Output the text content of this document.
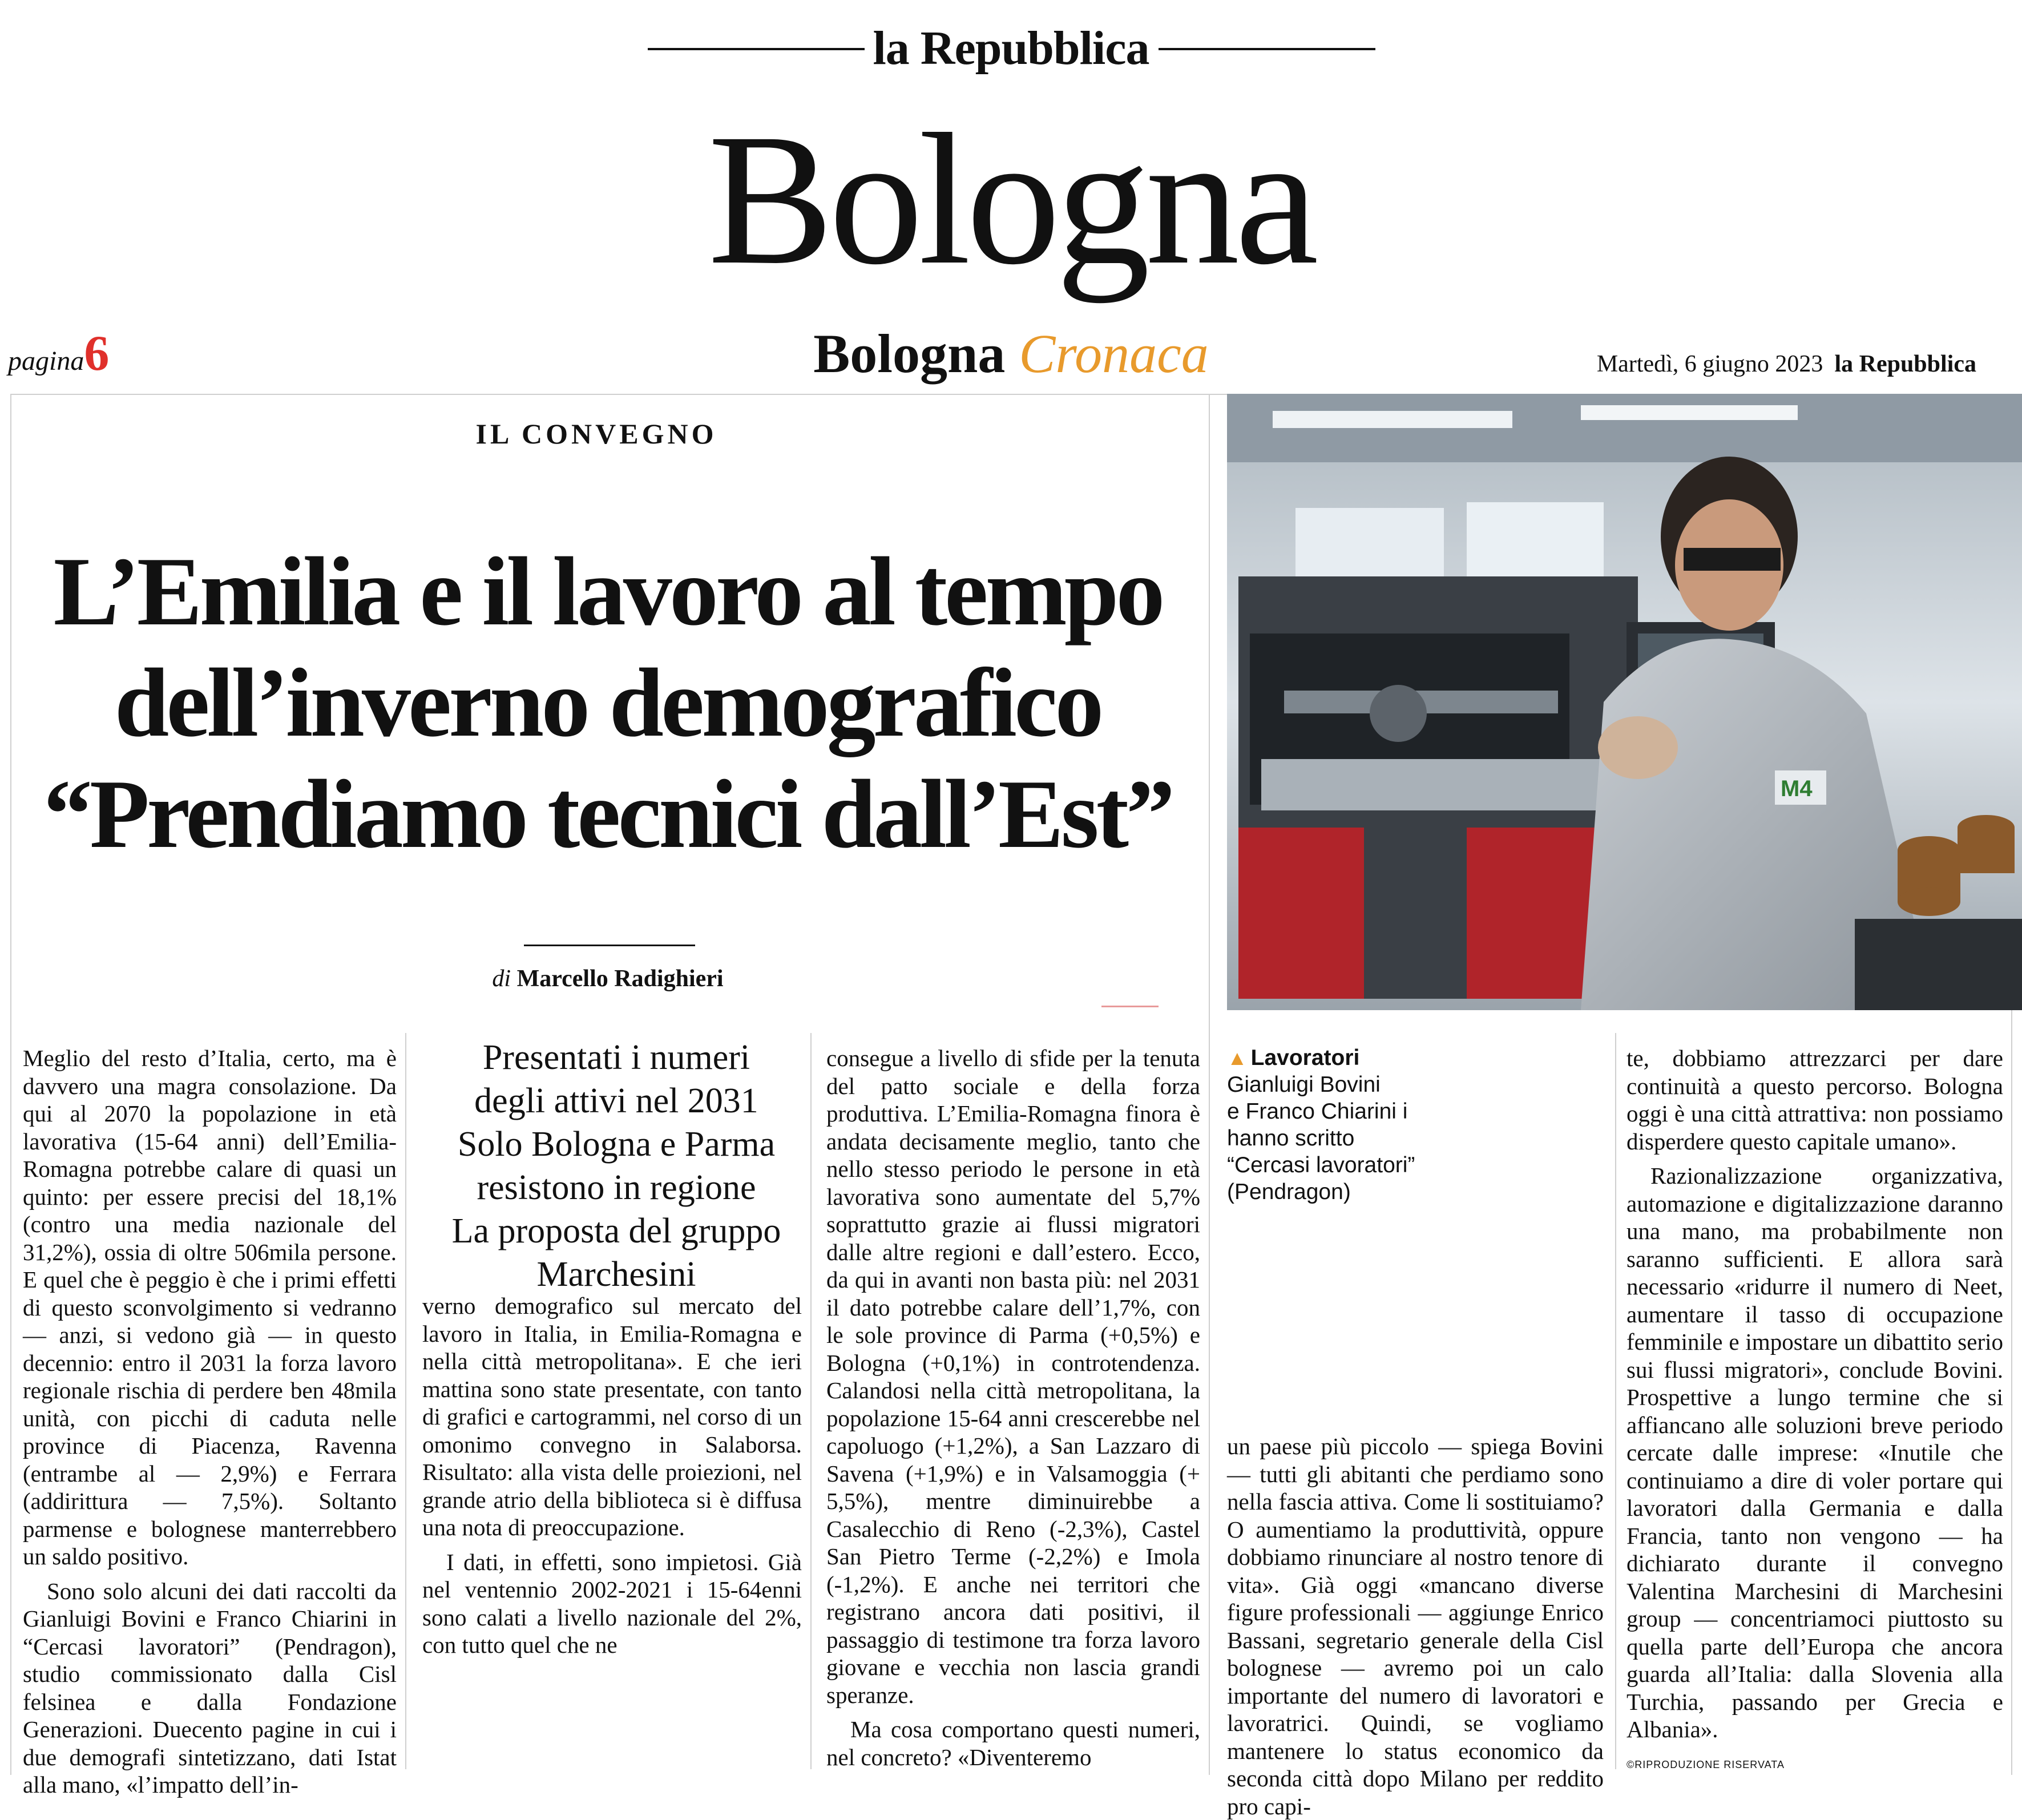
la Repubblica
Bologna
pagina6	Bologna Cronaca	Martedì, 6 giugno 2023 la Repubblica
IL CONVEGNO
L’Emilia e il lavoro al tempo
dell’inverno demografico
“Prendiamo tecnici dall’Est”
di Marcello Radighieri
M4
▲ Lavoratori
Gianluigi Bovini
e Franco Chiarini i
hanno scritto
“Cercasi lavoratori”
(Pendragon)
Presentati i numeri
degli attivi nel 2031
Solo Bologna e Parma
resistono in regione
La proposta del gruppo
Marchesini

Meglio del resto d’Italia, certo, ma è davvero una magra consolazione. Da qui al 2070 la popolazione in età lavorativa (15-64 anni) dell’Emilia-Romagna potrebbe calare di quasi un quinto: per essere precisi del 18,1% (contro una media nazionale del 31,2%), ossia di oltre 506mila persone. E quel che è peggio è che i primi effetti di questo sconvolgimento si vedranno — anzi, si vedono già — in questo decennio: entro il 2031 la forza lavoro regionale rischia di perdere ben 48mila unità, con picchi di caduta nelle province di Piacenza, Ravenna (entrambe al — 2,9%) e Ferrara (addirittura — 7,5%). Soltanto parmense e bolognese manterrebbero un saldo positivo.

Sono solo alcuni dei dati raccolti da Gianluigi Bovini e Franco Chiarini in “Cercasi lavoratori” (Pendragon), studio commissionato dalla Cisl felsinea e dalla Fondazione Generazioni. Duecento pagine in cui i due demografi sintetizzano, dati Istat alla mano, «l’impatto dell’in-

verno demografico sul mercato del lavoro in Italia, in Emilia-Romagna e nella città metropolitana». E che ieri mattina sono state presentate, con tanto di grafici e cartogrammi, nel corso di un omonimo convegno in Salaborsa. Risultato: alla vista delle proiezioni, nel grande atrio della biblioteca si è diffusa una nota di preoccupazione.

I dati, in effetti, sono impietosi. Già nel ventennio 2002-2021 i 15-64enni sono calati a livello nazionale del 2%, con tutto quel che ne

consegue a livello di sfide per la tenuta del patto sociale e della forza produttiva. L’Emilia-Romagna finora è andata decisamente meglio, tanto che nello stesso periodo le persone in età lavorativa sono aumentate del 5,7% soprattutto grazie ai flussi migratori dalle altre regioni e dall’estero. Ecco, da qui in avanti non basta più: nel 2031 il dato potrebbe calare dell’1,7%, con le sole province di Parma (+0,5%) e Bologna (+0,1%) in controtendenza. Calandosi nella città metropolitana, la popolazione 15-64 anni crescerebbe nel capoluogo (+1,2%), a San Lazzaro di Savena (+1,9%) e in Valsamoggia (+ 5,5%), mentre diminuirebbe a Casalecchio di Reno (-2,3%), Castel San Pietro Terme (-2,2%) e Imola (-1,2%). E anche nei territori che registrano ancora dati positivi, il passaggio di testimone tra forza lavoro giovane e vecchia non lascia grandi speranze.

Ma cosa comportano questi numeri, nel concreto? «Diventeremo

un paese più piccolo — spiega Bovini — tutti gli abitanti che perdiamo sono nella fascia attiva. Come li sostituiamo? O aumentiamo la produttività, oppure dobbiamo rinunciare al nostro tenore di vita». Già oggi «mancano diverse figure professionali — aggiunge Enrico Bassani, segretario generale della Cisl bolognese — avremo poi un calo importante del numero di lavoratori e lavoratrici. Quindi, se vogliamo mantenere lo status economico da seconda città dopo Milano per reddito pro capi-

te, dobbiamo attrezzarci per dare continuità a questo percorso. Bologna oggi è una città attrattiva: non possiamo disperdere questo capitale umano».

Razionalizzazione organizzativa, automazione e digitalizzazione daranno una mano, ma probabilmente non saranno sufficienti. E allora sarà necessario «ridurre il numero di Neet, aumentare il tasso di occupazione femminile e impostare un dibattito serio sui flussi migratori», conclude Bovini. Prospettive a lungo termine che si affiancano alle soluzioni breve periodo cercate dalle imprese: «Inutile che continuiamo a dire di voler portare qui lavoratori dalla Germania e dalla Francia, tanto non vengono — ha dichiarato durante il convegno Valentina Marchesini di Marchesini group — concentriamoci piuttosto su quella parte dell’Europa che ancora guarda all’Italia: dalla Slovenia alla Turchia, passando per Grecia e Albania».

©RIPRODUZIONE RISERVATA
